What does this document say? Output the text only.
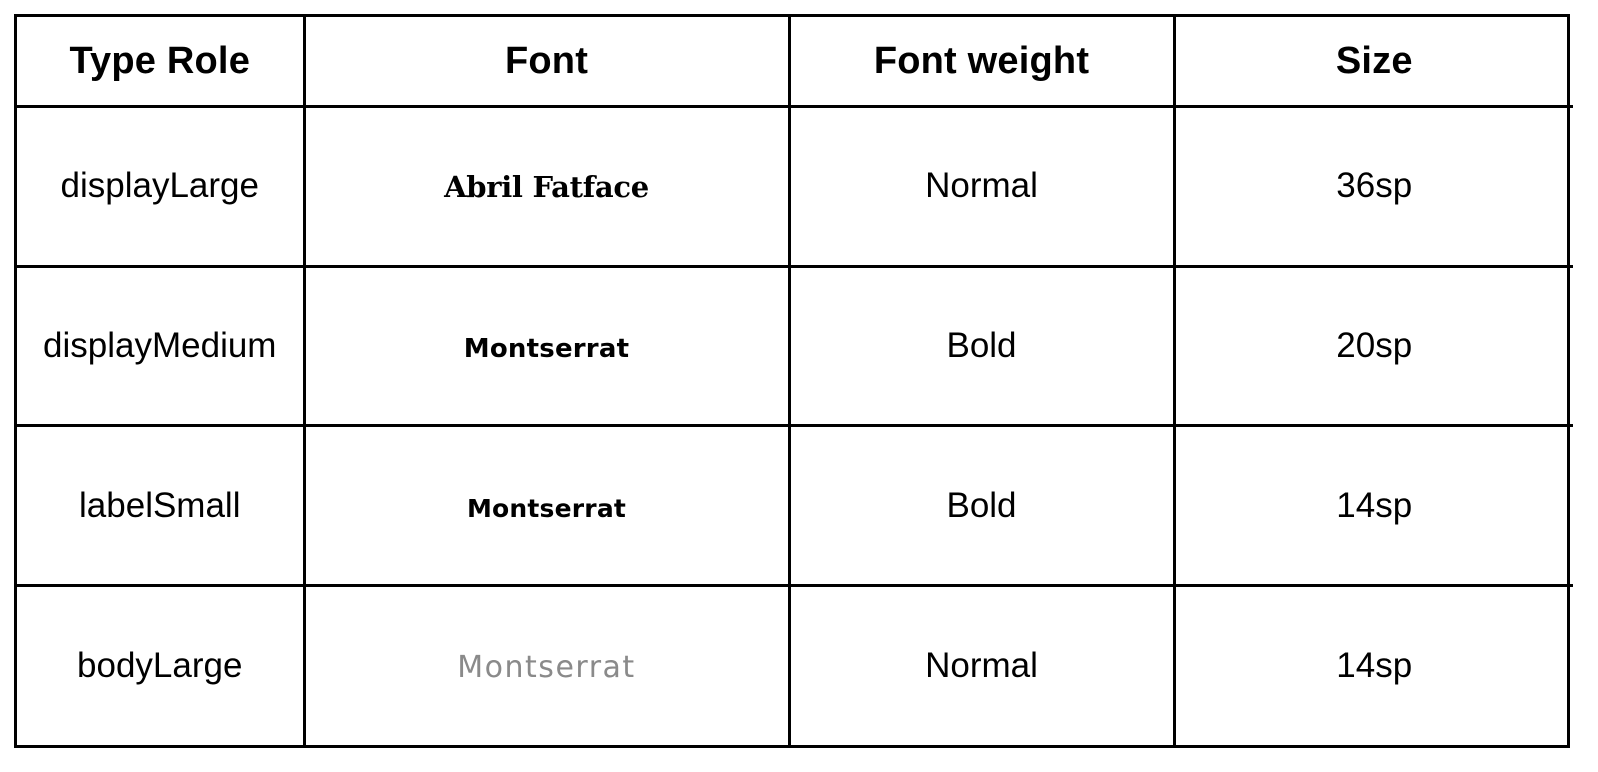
Type Role	Font	Font weight	Size
displayLarge	Abril Fatface	Normal	36sp
displayMedium	Montserrat	Bold	20sp
labelSmall	Montserrat	Bold	14sp
bodyLarge	Montserrat	Normal	14sp
